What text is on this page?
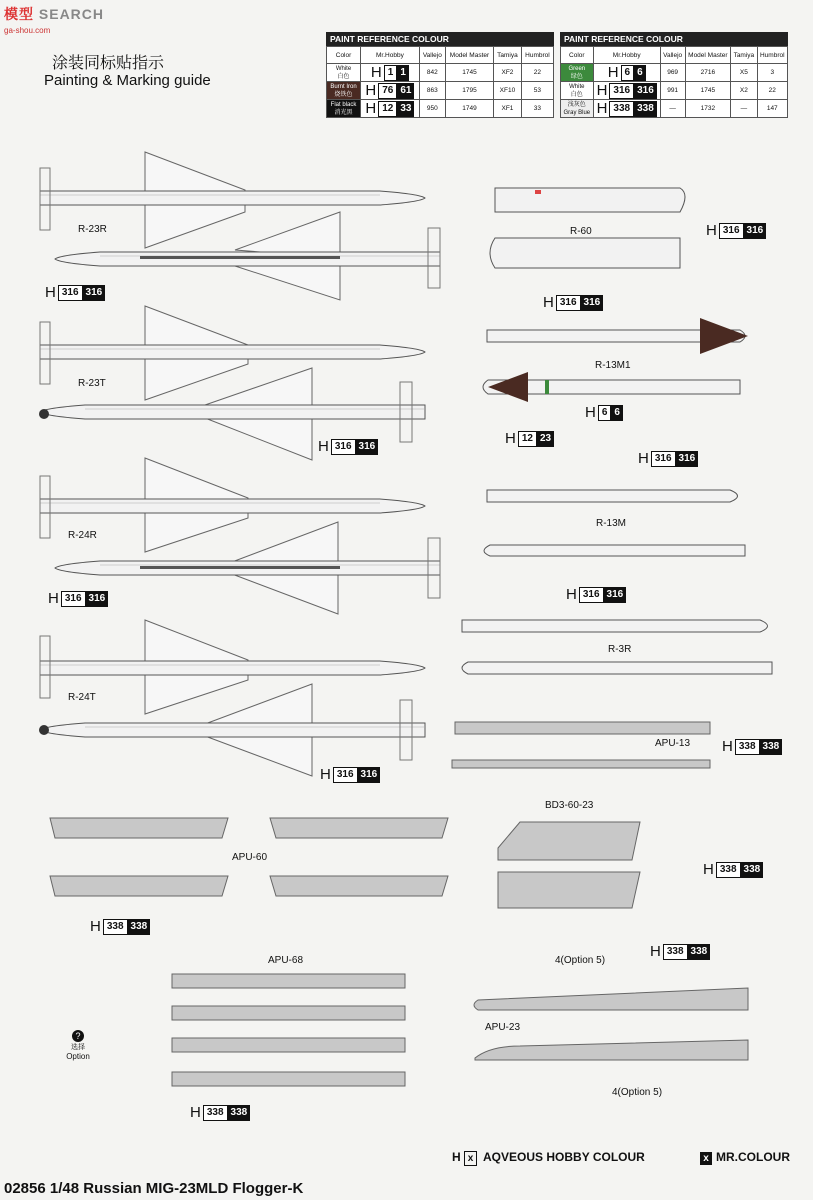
模型 SEARCH
ga-shou.com
涂装同标贴指示
Painting & Marking guide
PAINT REFERENCE COLOUR
Color	Mr.Hobby	Vallejo	Model Master	Tamiya	Humbrol

White
白色	H 1 1	842	1745	XF2	22

Burnt Iron
烧铁色	H 76 61	863	1795	XF10	53

Flat black
消光黑	H 12 33	950	1749	XF1	33
PAINT REFERENCE COLOUR
Color	Mr.Hobby	Vallejo	Model Master	Tamiya	Humbrol

Green
绿色	H 6 6	969	2716	X5	3

White
白色	H 316 316	991	1745	X2	22

浅灰色
Gray Blue	H 338 338	—	1732	—	147
R-23R
R-23T
R-24R
R-24T
R-60
R-13M1
R-13M
R-3R
APU-13
APU-60
BD3-60-23
APU-68
APU-23
H 316 316
H 316 316
H 316 316
H 316 316
H 316 316
H 316 316
H 6 6
H 12 23
H 316 316
H 316 316
H 338 338
H 338 338
H 338 338
H 338 338
H 338 338
?
选择
Option
4(Option 5)
4(Option 5)
H x AQVEOUS HOBBY COLOUR	x MR.COLOUR
02856 1/48 Russian MIG-23MLD Flogger-K
